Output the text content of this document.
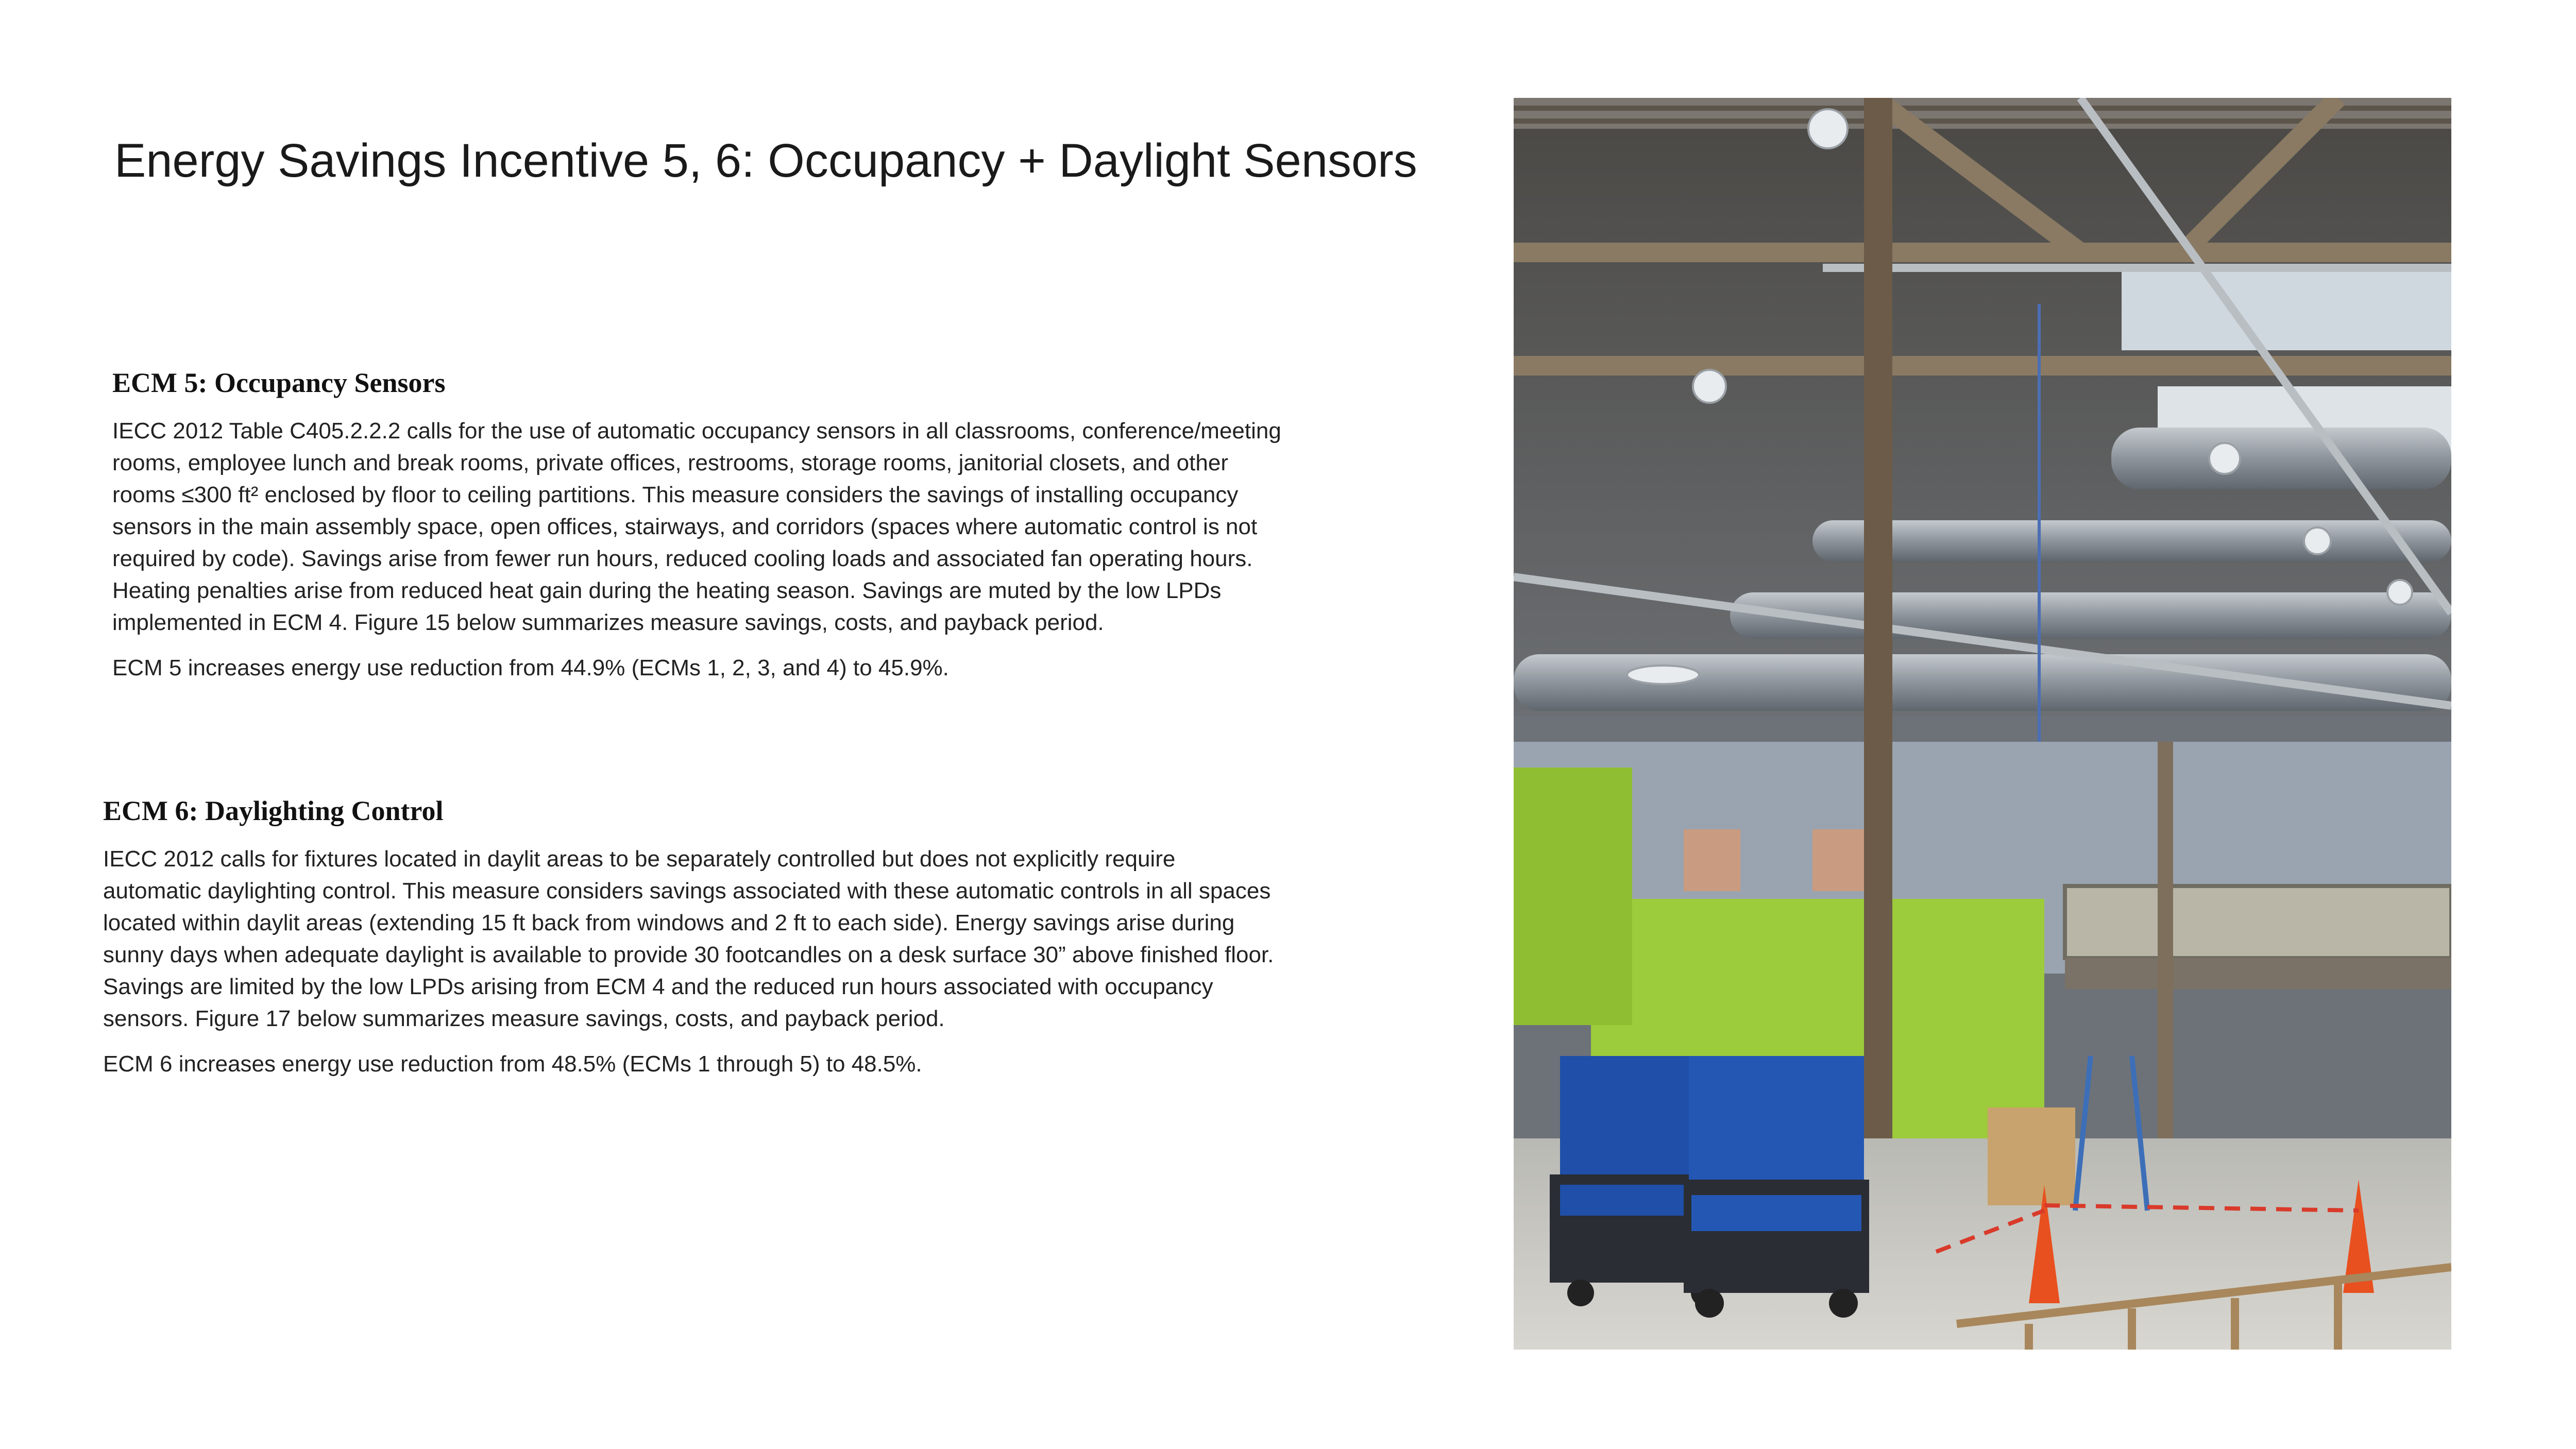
Energy Savings Incentive 5, 6: Occupancy + Daylight Sensors
ECM 5: Occupancy Sensors
IECC 2012 Table C405.2.2.2 calls for the use of automatic occupancy sensors in all classrooms, conference/meeting
rooms, employee lunch and break rooms, private offices, restrooms, storage rooms, janitorial closets, and other
rooms ≤300 ft² enclosed by floor to ceiling partitions. This measure considers the savings of installing occupancy
sensors in the main assembly space, open offices, stairways, and corridors (spaces where automatic control is not
required by code). Savings arise from fewer run hours, reduced cooling loads and associated fan operating hours.
Heating penalties arise from reduced heat gain during the heating season. Savings are muted by the low LPDs
implemented in ECM 4. Figure 15 below summarizes measure savings, costs, and payback period.
ECM 5 increases energy use reduction from 44.9% (ECMs 1, 2, 3, and 4) to 45.9%.
ECM 6: Daylighting Control
IECC 2012 calls for fixtures located in daylit areas to be separately controlled but does not explicitly require
automatic daylighting control. This measure considers savings associated with these automatic controls in all spaces
located within daylit areas (extending 15 ft back from windows and 2 ft to each side). Energy savings arise during
sunny days when adequate daylight is available to provide 30 footcandles on a desk surface 30” above finished floor.
Savings are limited by the low LPDs arising from ECM 4 and the reduced run hours associated with occupancy
sensors. Figure 17 below summarizes measure savings, costs, and payback period.
ECM 6 increases energy use reduction from 48.5% (ECMs 1 through 5) to 48.5%.
